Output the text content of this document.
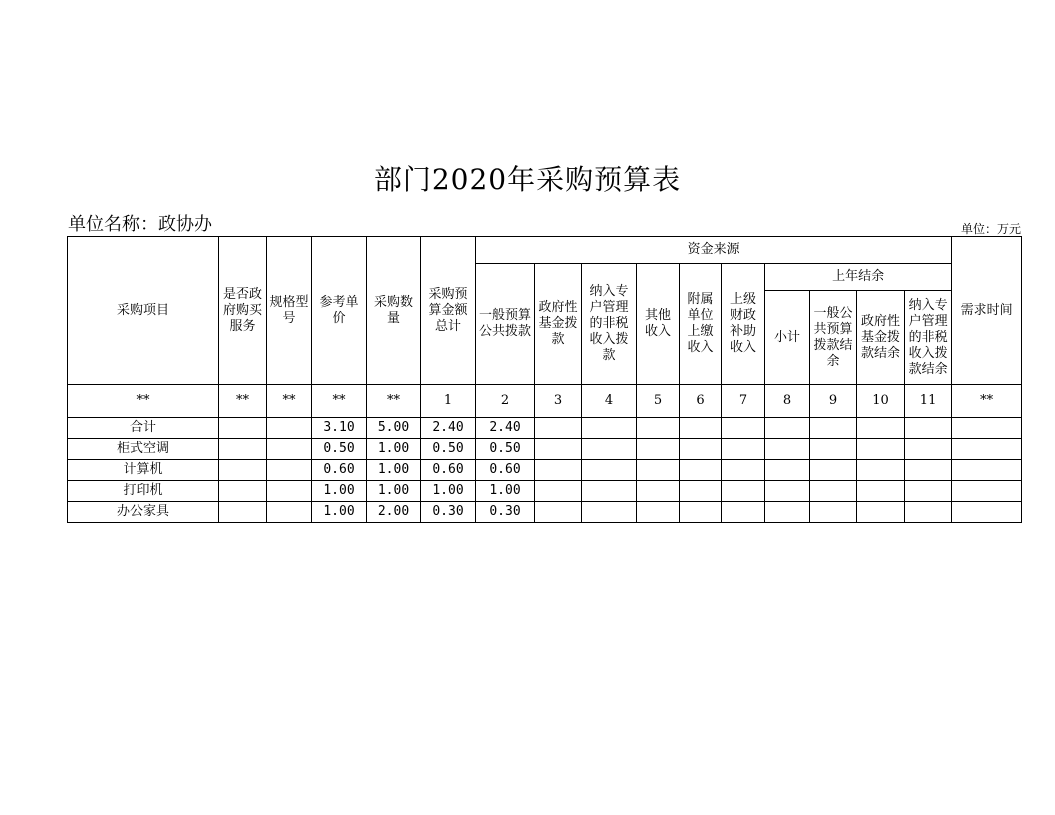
部门2020年采购预算表
单位名称：政协办	单位：万元
采购项目	是否政府购买服务	规格型号	参考单价	采购数量	采购预算金额总计	资金来源										需求时间
						一般预算公共拨款	政府性基金拨款	纳入专户管理的非税收入拨款	其他收入	附属单位上缴收入	上级财政补助收入	上年结余				
												小计	一般公共预算拨款结余	政府性基金拨款结余	纳入专户管理的非税收入拨款结余	
**	**	**	**	**	1	2	3	4	5	6	7	8	9	10	11	**
合计			3.10	5.00	2.40	2.40										
柜式空调			0.50	1.00	0.50	0.50										
计算机			0.60	1.00	0.60	0.60										
打印机			1.00	1.00	1.00	1.00										
办公家具			1.00	2.00	0.30	0.30										
